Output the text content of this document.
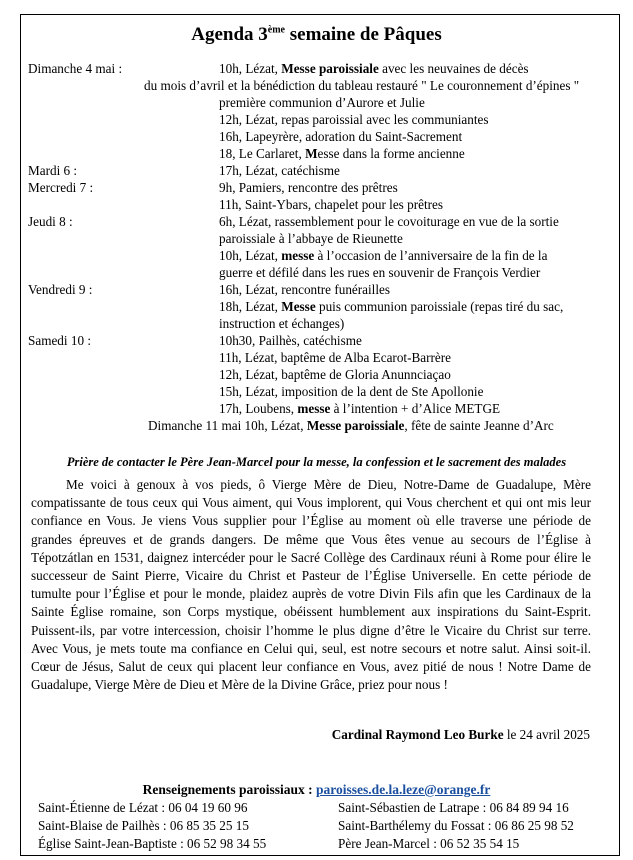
Agenda 3ème semaine de Pâques
Dimanche 4 mai :	10h, Lézat, Messe paroissiale avec les neuvaines de décès
du mois d’avril et la bénédiction du tableau restauré " Le couronnement d’épines "
première communion d’Aurore et Julie
12h, Lézat, repas paroissial avec les communiantes
16h, Lapeyrère, adoration du Saint-Sacrement
18, Le Carlaret, Messe dans la forme ancienne
Mardi 6 :	17h, Lézat, catéchisme
Mercredi 7 :	9h, Pamiers, rencontre des prêtres
11h, Saint-Ybars, chapelet pour les prêtres
Jeudi 8 :	6h, Lézat, rassemblement pour le covoiturage en vue de la sortie
paroissiale à l’abbaye de Rieunette
10h, Lézat, messe à l’occasion de l’anniversaire de la fin de la
guerre et défilé dans les rues en souvenir de François Verdier
Vendredi 9 :	16h, Lézat, rencontre funérailles
18h, Lézat, Messe puis communion paroissiale (repas tiré du sac,
instruction et échanges)
Samedi 10 :	10h30, Pailhès, catéchisme
11h, Lézat, baptême de Alba Ecarot-Barrère
12h, Lézat, baptême de Gloria Anunnciaçao
15h, Lézat, imposition de la dent de Ste Apollonie
17h, Loubens, messe à l’intention + d’Alice METGE
Dimanche 11 mai 10h, Lézat, Messe paroissiale, fête de sainte Jeanne d’Arc
Prière de contacter le Père Jean-Marcel pour la messe, la confession et le sacrement des malades

Me voici à genoux à vos pieds, ô Vierge Mère de Dieu, Notre-Dame de Guadalupe, Mère compatissante de tous ceux qui Vous aiment, qui Vous implorent, qui Vous cherchent et qui ont mis leur confiance en Vous. Je viens Vous supplier pour l’Église au moment où elle traverse une période de grandes épreuves et de grands dangers. De même que Vous êtes venue au secours de l’Église à Tépotzátlan en 1531, daignez intercéder pour le Sacré Collège des Cardinaux réuni à Rome pour élire le successeur de Saint Pierre, Vicaire du Christ et Pasteur de l’Église Universelle. En cette période de tumulte pour l’Église et pour le monde, plaidez auprès de votre Divin Fils afin que les Cardinaux de la Sainte Église romaine, son Corps mystique, obéissent humblement aux inspirations du Saint-Esprit. Puissent-ils, par votre intercession, choisir l’homme le plus digne d’être le Vicaire du Christ sur terre. Avec Vous, je mets toute ma confiance en Celui qui, seul, est notre secours et notre salut. Ainsi soit-il. Cœur de Jésus, Salut de ceux qui placent leur confiance en Vous, avez pitié de nous ! Notre Dame de Guadalupe, Vierge Mère de Dieu et Mère de la Divine Grâce, priez pour nous !

Cardinal Raymond Leo Burke le 24 avril 2025
Renseignements paroissiaux : paroisses.de.la.leze@orange.fr
Saint-Étienne de Lézat : 06 04 19 60 96	Saint-Sébastien de Latrape : 06 84 89 94 16
Saint-Blaise de Pailhès : 06 85 35 25 15	Saint-Barthélemy du Fossat : 06 86 25 98 52
Église Saint-Jean-Baptiste : 06 52 98 34 55	Père Jean-Marcel : 06 52 35 54 15
